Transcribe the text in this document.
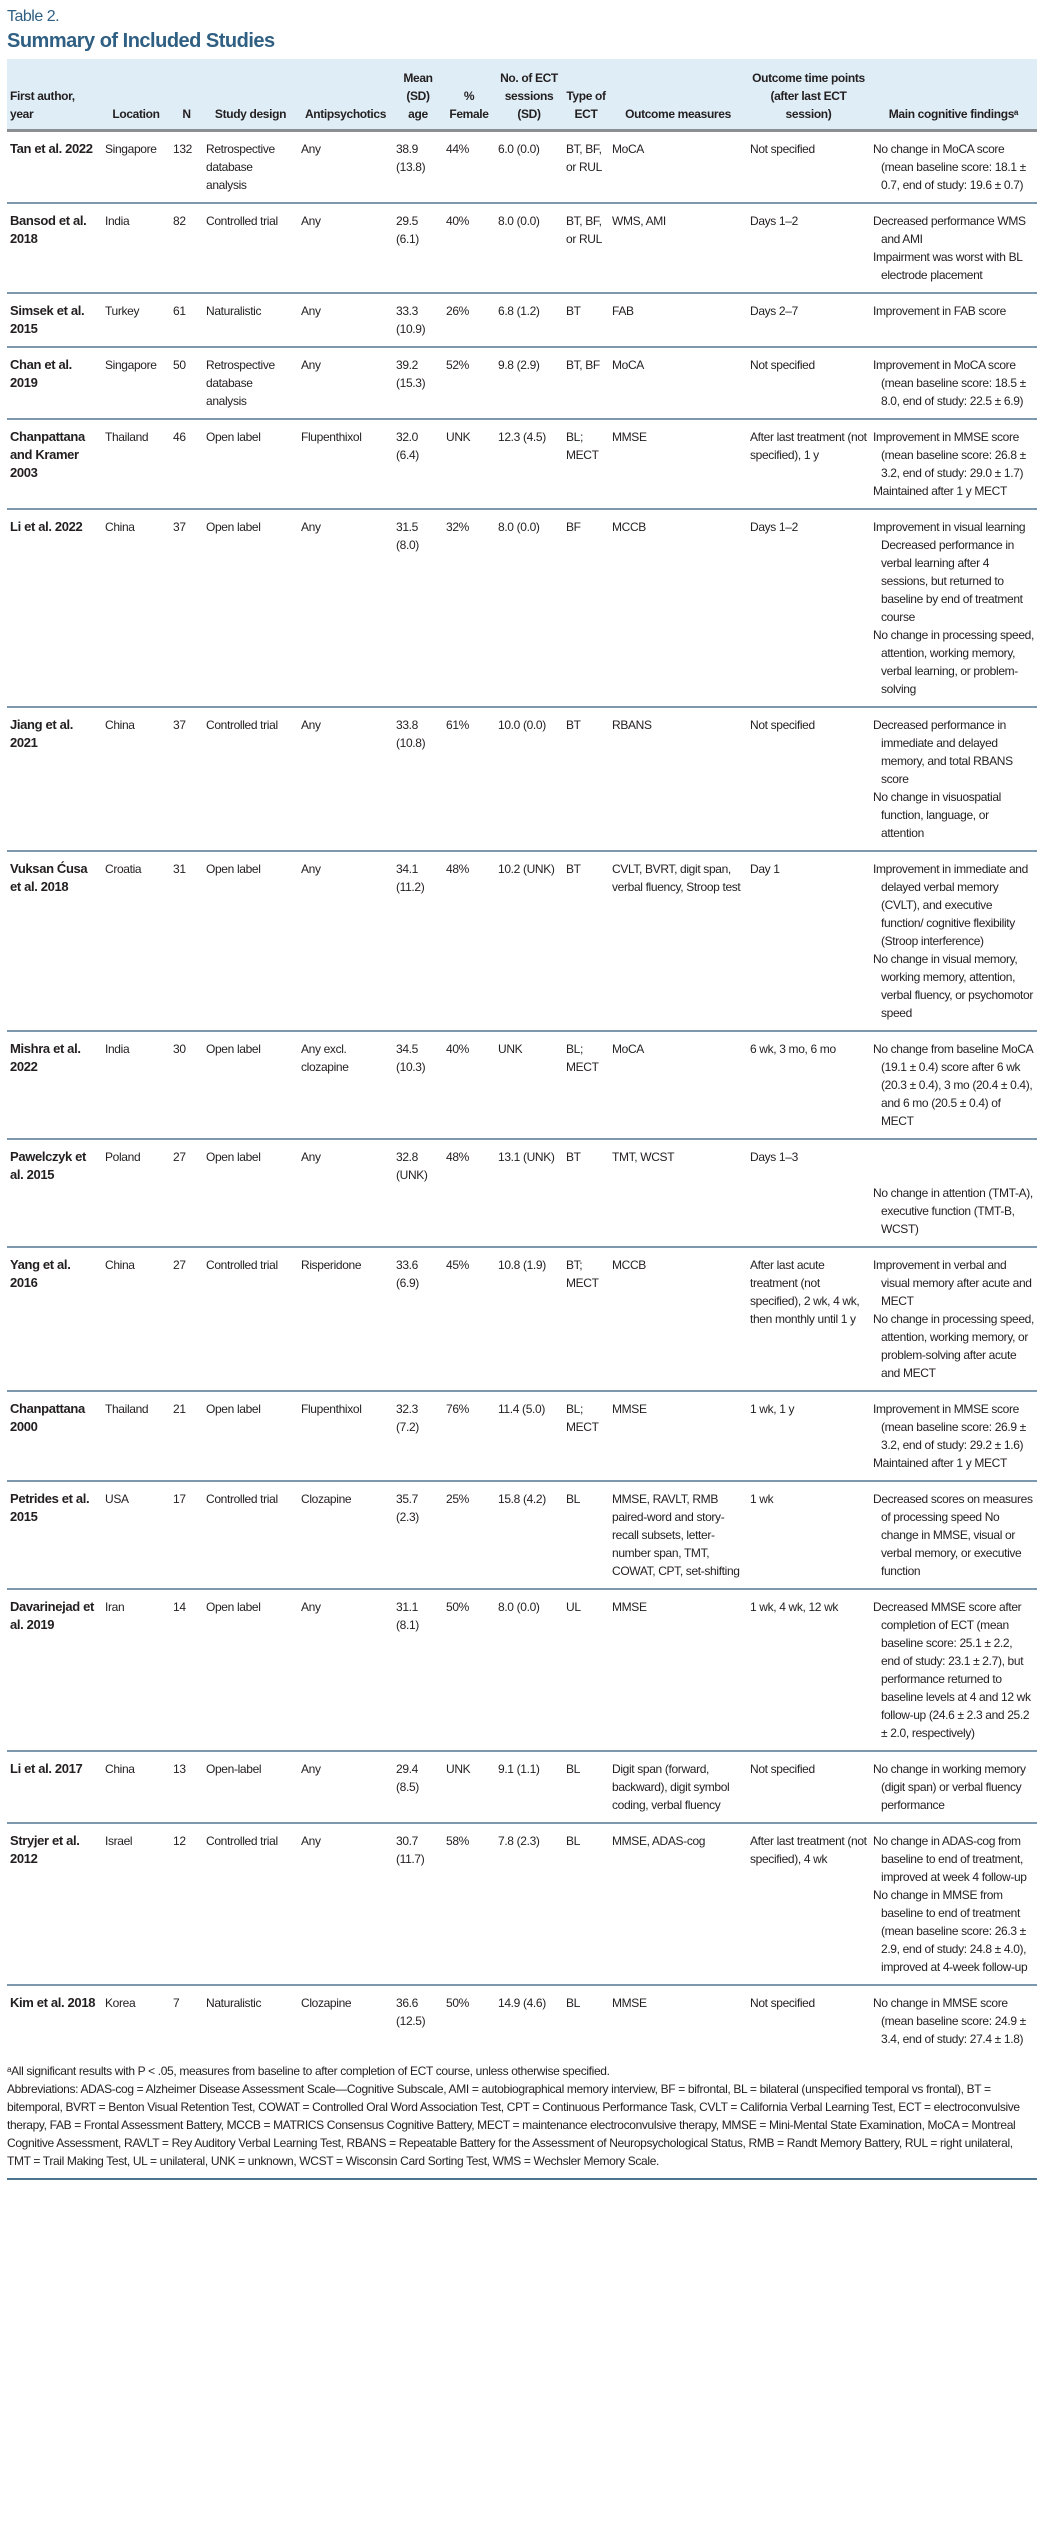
Table 2.
Summary of Included Studies
First author, year	Location	N	Study design	Antipsychotics	Mean (SD) age	% Female	No. of ECT sessions (SD)	Type of ECT	Outcome measures	Outcome time points (after last ECT session)	Main cognitive findingsᵃ
Tan et al. 2022	Singapore	132	Retrospective database analysis	Any	38.9 (13.8)	44%	6.0 (0.0)	BT, BF, or RUL	MoCA	Not specified	No change in MoCA score (mean baseline score: 18.1 ± 0.7, end of study: 19.6 ± 0.7)

Bansod et al. 2018	India	82	Controlled trial	Any	29.5 (6.1)	40%	8.0 (0.0)	BT, BF, or RUL	WMS, AMI	Days 1–2	Decreased performance WMS and AMI
Impairment was worst with BL electrode placement

Simsek et al. 2015	Turkey	61	Naturalistic	Any	33.3 (10.9)	26%	6.8 (1.2)	BT	FAB	Days 2–7	Improvement in FAB score

Chan et al. 2019	Singapore	50	Retrospective database analysis	Any	39.2 (15.3)	52%	9.8 (2.9)	BT, BF	MoCA	Not specified	Improvement in MoCA score (mean baseline score: 18.5 ± 8.0, end of study: 22.5 ± 6.9)

Chanpattana and Kramer 2003	Thailand	46	Open label	Flupenthixol	32.0 (6.4)	UNK	12.3 (4.5)	BL; MECT	MMSE	After last treatment (not specified), 1 y	Improvement in MMSE score (mean baseline score: 26.8 ± 3.2, end of study: 29.0 ± 1.7)
Maintained after 1 y MECT

Li et al. 2022	China	37	Open label	Any	31.5 (8.0)	32%	8.0 (0.0)	BF	MCCB	Days 1–2	Improvement in visual learning Decreased performance in verbal learning after 4 sessions, but returned to baseline by end of treatment course
No change in processing speed, attention, working memory, verbal learning, or problem-solving

Jiang et al. 2021	China	37	Controlled trial	Any	33.8 (10.8)	61%	10.0 (0.0)	BT	RBANS	Not specified	Decreased performance in immediate and delayed memory, and total RBANS score
No change in visuospatial function, language, or attention

Vuksan Ćusa et al. 2018	Croatia	31	Open label	Any	34.1 (11.2)	48%	10.2 (UNK)	BT	CVLT, BVRT, digit span, verbal fluency, Stroop test	Day 1	Improvement in immediate and delayed verbal memory (CVLT), and executive function/ cognitive flexibility (Stroop interference)
No change in visual memory, working memory, attention, verbal fluency, or psychomotor speed

Mishra et al. 2022	India	30	Open label	Any excl. clozapine	34.5 (10.3)	40%	UNK	BL; MECT	MoCA	6 wk, 3 mo, 6 mo	No change from baseline MoCA (19.1 ± 0.4) score after 6 wk (20.3 ± 0.4), 3 mo (20.4 ± 0.4), and 6 mo (20.5 ± 0.4) of MECT

Pawelczyk et al. 2015	Poland	27	Open label	Any	32.8 (UNK)	48%	13.1 (UNK)	BT	TMT, WCST	Days 1–3	No change in attention (TMT-A), executive function (TMT-B, WCST)

Yang et al. 2016	China	27	Controlled trial	Risperidone	33.6 (6.9)	45%	10.8 (1.9)	BT; MECT	MCCB	After last acute treatment (not specified), 2 wk, 4 wk, then monthly until 1 y	Improvement in verbal and visual memory after acute and MECT
No change in processing speed, attention, working memory, or problem-solving after acute and MECT

Chanpattana 2000	Thailand	21	Open label	Flupenthixol	32.3 (7.2)	76%	11.4 (5.0)	BL; MECT	MMSE	1 wk, 1 y	Improvement in MMSE score (mean baseline score: 26.9 ± 3.2, end of study: 29.2 ± 1.6)
Maintained after 1 y MECT

Petrides et al. 2015	USA	17	Controlled trial	Clozapine	35.7 (2.3)	25%	15.8 (4.2)	BL	MMSE, RAVLT, RMB paired-word and story-recall subsets, letter-number span, TMT, COWAT, CPT, set-shifting	1 wk	Decreased scores on measures of processing speed No change in MMSE, visual or verbal memory, or executive function

Davarinejad et al. 2019	Iran	14	Open label	Any	31.1 (8.1)	50%	8.0 (0.0)	UL	MMSE	1 wk, 4 wk, 12 wk	Decreased MMSE score after completion of ECT (mean baseline score: 25.1 ± 2.2, end of study: 23.1 ± 2.7), but performance returned to baseline levels at 4 and 12 wk follow-up (24.6 ± 2.3 and 25.2 ± 2.0, respectively)

Li et al. 2017	China	13	Open-label	Any	29.4 (8.5)	UNK	9.1 (1.1)	BL	Digit span (forward, backward), digit symbol coding, verbal fluency	Not specified	No change in working memory (digit span) or verbal fluency performance

Stryjer et al. 2012	Israel	12	Controlled trial	Any	30.7 (11.7)	58%	7.8 (2.3)	BL	MMSE, ADAS-cog	After last treatment (not specified), 4 wk	No change in ADAS-cog from baseline to end of treatment, improved at week 4 follow-up
No change in MMSE from baseline to end of treatment (mean baseline score: 26.3 ± 2.9, end of study: 24.8 ± 4.0), improved at 4-week follow-up

Kim et al. 2018	Korea	7	Naturalistic	Clozapine	36.6 (12.5)	50%	14.9 (4.6)	BL	MMSE	Not specified	No change in MMSE score (mean baseline score: 24.9 ± 3.4, end of study: 27.4 ± 1.8)
ᵃAll significant results with P < .05, measures from baseline to after completion of ECT course, unless otherwise specified.
Abbreviations: ADAS-cog = Alzheimer Disease Assessment Scale—Cognitive Subscale, AMI = autobiographical memory interview, BF = bifrontal, BL = bilateral (unspecified temporal vs frontal), BT = bitemporal, BVRT = Benton Visual Retention Test, COWAT = Controlled Oral Word Association Test, CPT = Continuous Performance Task, CVLT = California Verbal Learning Test, ECT = electroconvulsive therapy, FAB = Frontal Assessment Battery, MCCB = MATRICS Consensus Cognitive Battery, MECT = maintenance electroconvulsive therapy, MMSE = Mini-Mental State Examination, MoCA = Montreal Cognitive Assessment, RAVLT = Rey Auditory Verbal Learning Test, RBANS = Repeatable Battery for the Assessment of Neuropsychological Status, RMB = Randt Memory Battery, RUL = right unilateral, TMT = Trail Making Test, UL = unilateral, UNK = unknown, WCST = Wisconsin Card Sorting Test, WMS = Wechsler Memory Scale.
